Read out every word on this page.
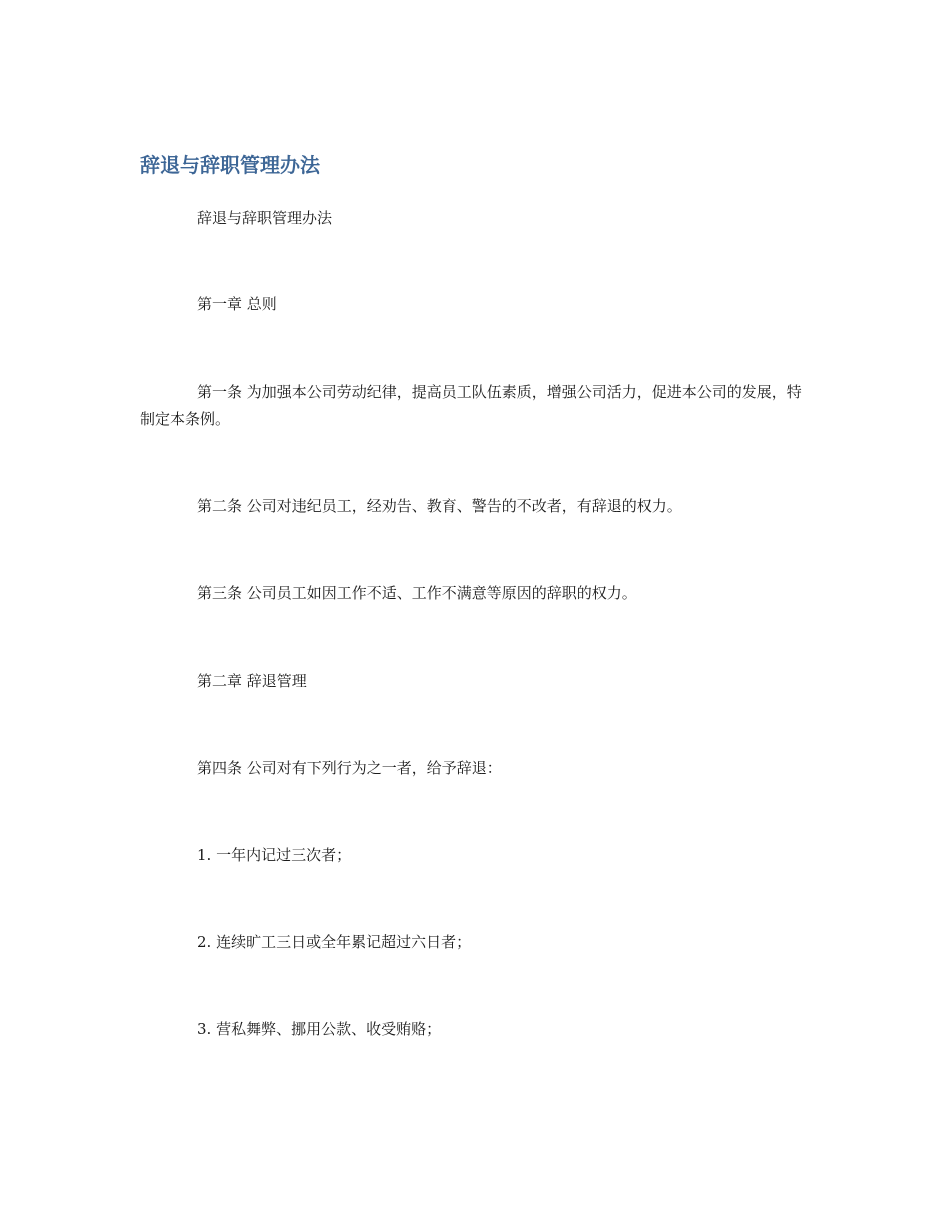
辞退与辞职管理办法

辞退与辞职管理办法

第一章 总则

第一条 为加强本公司劳动纪律，提高员工队伍素质，增强公司活力，促进本公司的发展，特制定本条例。

第二条 公司对违纪员工，经劝告、教育、警告的不改者，有辞退的权力。

第三条 公司员工如因工作不适、工作不满意等原因的辞职的权力。

第二章 辞退管理

第四条 公司对有下列行为之一者，给予辞退：

1. 一年内记过三次者；

2. 连续旷工三日或全年累记超过六日者；

3. 营私舞弊、挪用公款、收受贿赂；
